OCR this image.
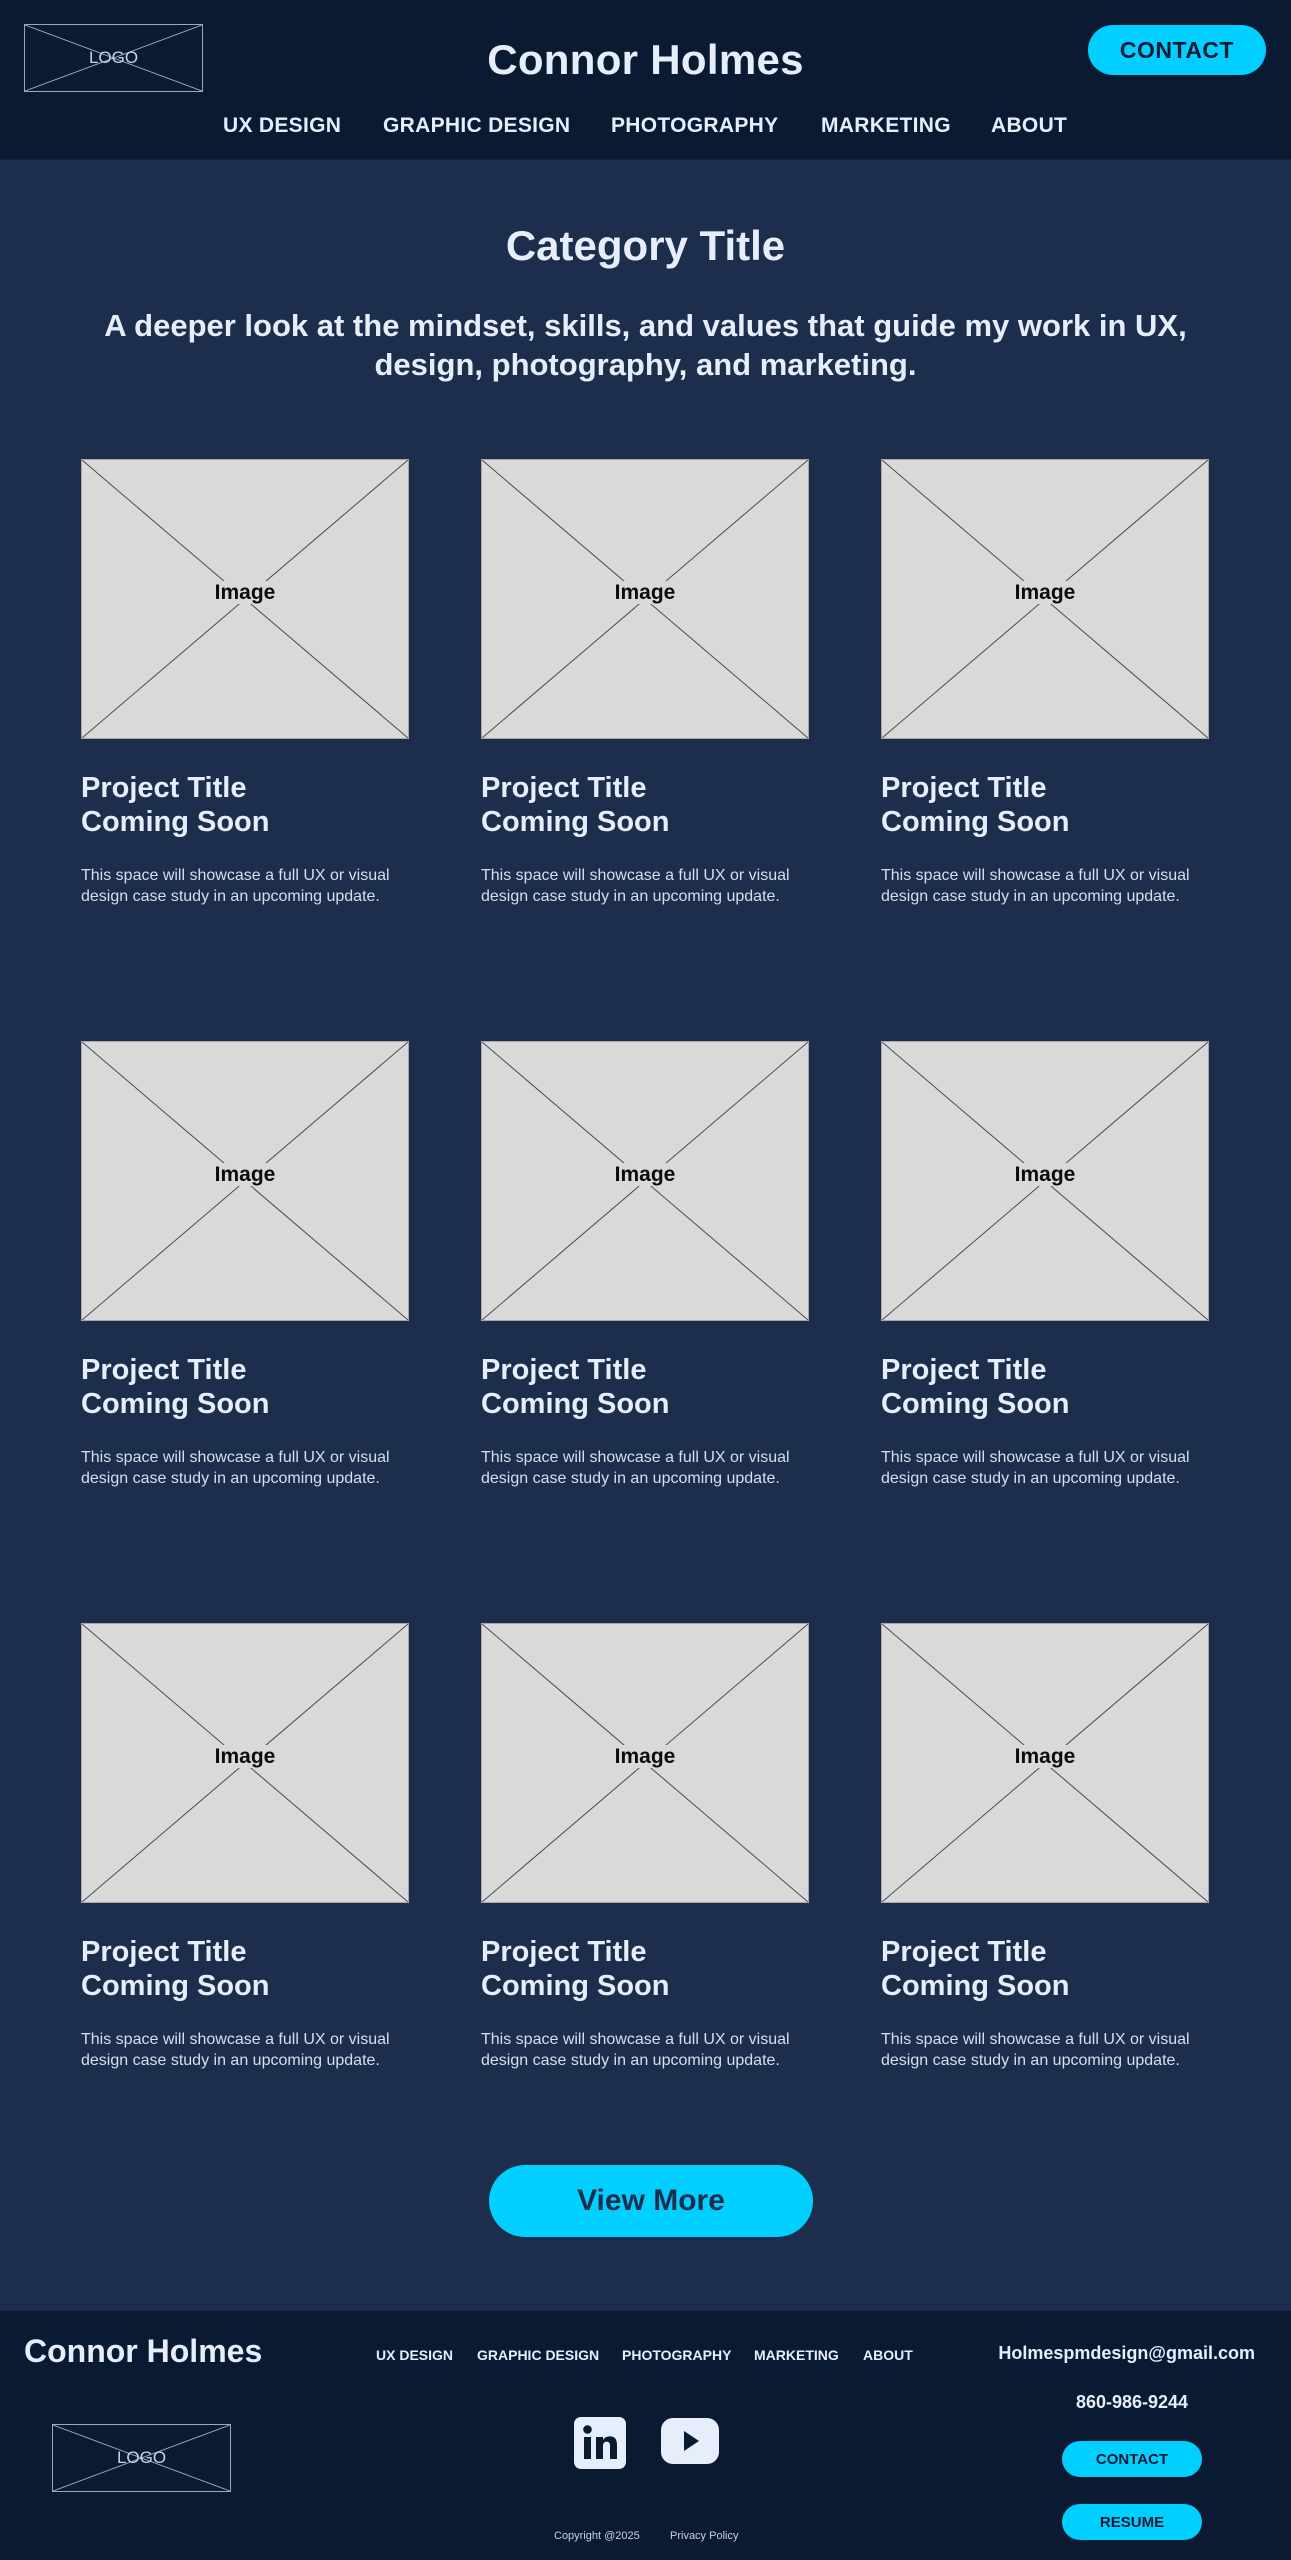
LOGO	Connor Holmes	CONTACT
UX DESIGN GRAPHIC DESIGN PHOTOGRAPHY MARKETING ABOUT
Category Title

A deeper look at the mindset, skills, and values that guide my work in UX, design, photography, and marketing.

Image
Project Title
Coming Soon

This space will showcase a full UX or visual design case study in an upcoming update.

Image
Project Title
Coming Soon

This space will showcase a full UX or visual design case study in an upcoming update.

Image
Project Title
Coming Soon

This space will showcase a full UX or visual design case study in an upcoming update.

Image
Project Title
Coming Soon

This space will showcase a full UX or visual design case study in an upcoming update.

Image
Project Title
Coming Soon

This space will showcase a full UX or visual design case study in an upcoming update.

Image
Project Title
Coming Soon

This space will showcase a full UX or visual design case study in an upcoming update.

Image
Project Title
Coming Soon

This space will showcase a full UX or visual design case study in an upcoming update.

Image
Project Title
Coming Soon

This space will showcase a full UX or visual design case study in an upcoming update.

Image
Project Title
Coming Soon

This space will showcase a full UX or visual design case study in an upcoming update.

View More
Connor Holmes
LOGO
UX DESIGN GRAPHIC DESIGN PHOTOGRAPHY MARKETING ABOUT	Holmespmdesign@gmail.com
860-986-9244
CONTACT
RESUME
Copyright @2025	Privacy Policy
